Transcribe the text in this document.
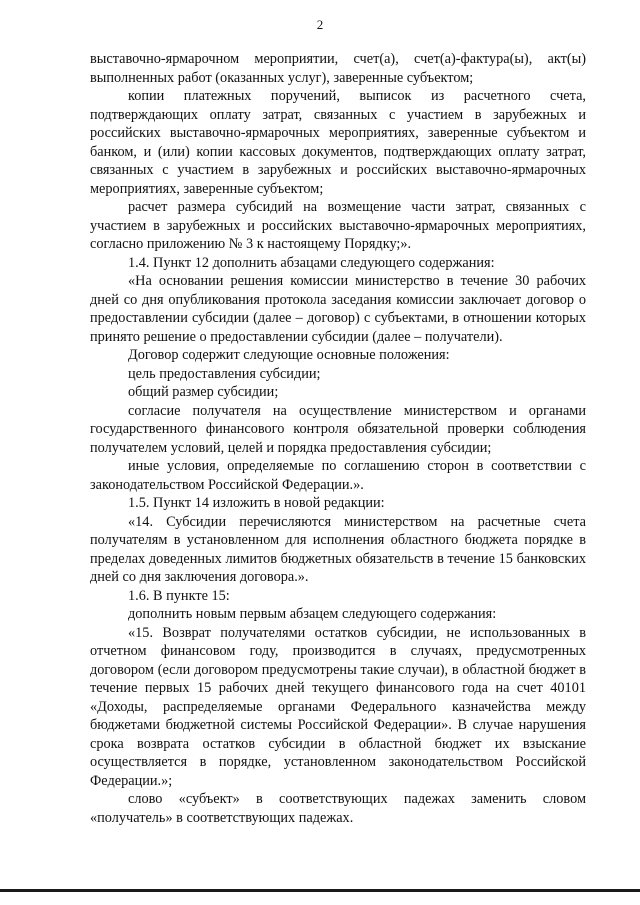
2

выставочно-ярмарочном мероприятии, счет(а), счет(а)-фактура(ы), акт(ы) выполненных работ (оказанных услуг), заверенные субъектом;

копии платежных поручений, выписок из расчетного счета, подтверждающих оплату затрат, связанных с участием в зарубежных и российских выставочно-ярмарочных мероприятиях, заверенные субъектом и банком, и (или) копии кассовых документов, подтверждающих оплату затрат, связанных с участием в зарубежных и российских выставочно-ярмарочных мероприятиях, заверенные субъектом;

расчет размера субсидий на возмещение части затрат, связанных с участием в зарубежных и российских выставочно-ярмарочных мероприятиях, согласно приложению № 3 к настоящему Порядку;».

1.4. Пункт 12 дополнить абзацами следующего содержания:

«На основании решения комиссии министерство в течение 30 рабочих дней со дня опубликования протокола заседания комиссии заключает договор о предоставлении субсидии (далее – договор) с субъектами, в отношении которых принято решение о предоставлении субсидии (далее – получатели).

Договор содержит следующие основные положения:

цель предоставления субсидии;

общий размер субсидии;

согласие получателя на осуществление министерством и органами государственного финансового контроля обязательной проверки соблюдения получателем условий, целей и порядка предоставления субсидии;

иные условия, определяемые по соглашению сторон в соответствии с законодательством Российской Федерации.».

1.5. Пункт 14 изложить в новой редакции:

«14. Субсидии перечисляются министерством на расчетные счета получателям в установленном для исполнения областного бюджета порядке в пределах доведенных лимитов бюджетных обязательств в течение 15 банковских дней со дня заключения договора.».

1.6. В пункте 15:

дополнить новым первым абзацем следующего содержания:

«15. Возврат получателями остатков субсидии, не использованных в отчетном финансовом году, производится в случаях, предусмотренных договором (если договором предусмотрены такие случаи), в областной бюджет в течение первых 15 рабочих дней текущего финансового года на счет 40101 «Доходы, распределяемые органами Федерального казначейства между бюджетами бюджетной системы Российской Федерации». В случае нарушения срока возврата остатков субсидии в областной бюджет их взыскание осуществляется в порядке, установленном законодательством Российской Федерации.»;

слово «субъект» в соответствующих падежах заменить словом «получатель» в соответствующих падежах.
